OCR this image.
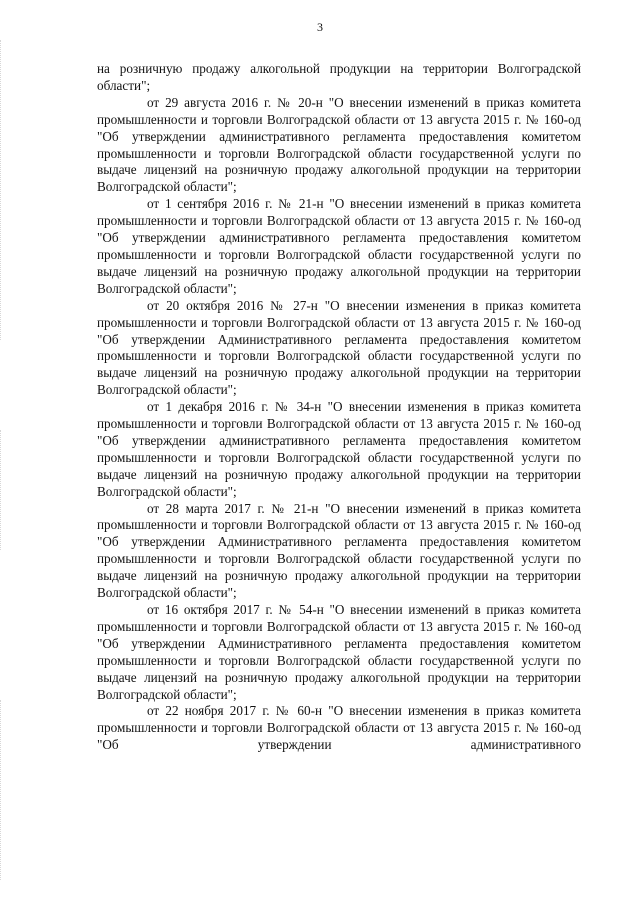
3

на розничную продажу алкогольной продукции на территории Волгоградской области";

от 29 августа 2016 г. № 20-н "О внесении изменений в приказ комитета промышленности и торговли Волгоградской области от 13 августа 2015 г. № 160-од "Об утверждении административного регламента предоставления комитетом промышленности и торговли Волгоградской области государственной услуги по выдаче лицензий на розничную продажу алкогольной продукции на территории Волгоградской области";

от 1 сентября 2016 г. № 21-н "О внесении изменений в приказ комитета промышленности и торговли Волгоградской области от 13 августа 2015 г. № 160-од "Об утверждении административного регламента предоставления комитетом промышленности и торговли Волгоградской области государственной услуги по выдаче лицензий на розничную продажу алкогольной продукции на территории Волгоградской области";

от 20 октября 2016 № 27-н "О внесении изменения в приказ комитета промышленности и торговли Волгоградской области от 13 августа 2015 г. № 160-од "Об утверждении Административного регламента предоставления комитетом промышленности и торговли Волгоградской области государственной услуги по выдаче лицензий на розничную продажу алкогольной продукции на территории Волгоградской области";

от 1 декабря 2016 г. № 34-н "О внесении изменения в приказ комитета промышленности и торговли Волгоградской области от 13 августа 2015 г. № 160-од "Об утверждении административного регламента предоставления комитетом промышленности и торговли Волгоградской области государственной услуги по выдаче лицензий на розничную продажу алкогольной продукции на территории Волгоградской области";

от 28 марта 2017 г. № 21-н "О внесении изменений в приказ комитета промышленности и торговли Волгоградской области от 13 августа 2015 г. № 160-од "Об утверждении Административного регламента предоставления комитетом промышленности и торговли Волгоградской области государственной услуги по выдаче лицензий на розничную продажу алкогольной продукции на территории Волгоградской области";

от 16 октября 2017 г. № 54-н "О внесении изменений в приказ комитета промышленности и торговли Волгоградской области от 13 августа 2015 г. № 160-од "Об утверждении Административного регламента предоставления комитетом промышленности и торговли Волгоградской области государственной услуги по выдаче лицензий на розничную продажу алкогольной продукции на территории Волгоградской области";

от 22 ноября 2017 г. № 60-н "О внесении изменения в приказ комитета промышленности и торговли Волгоградской области от 13 августа 2015 г. № 160-од "Об утверждении административного
